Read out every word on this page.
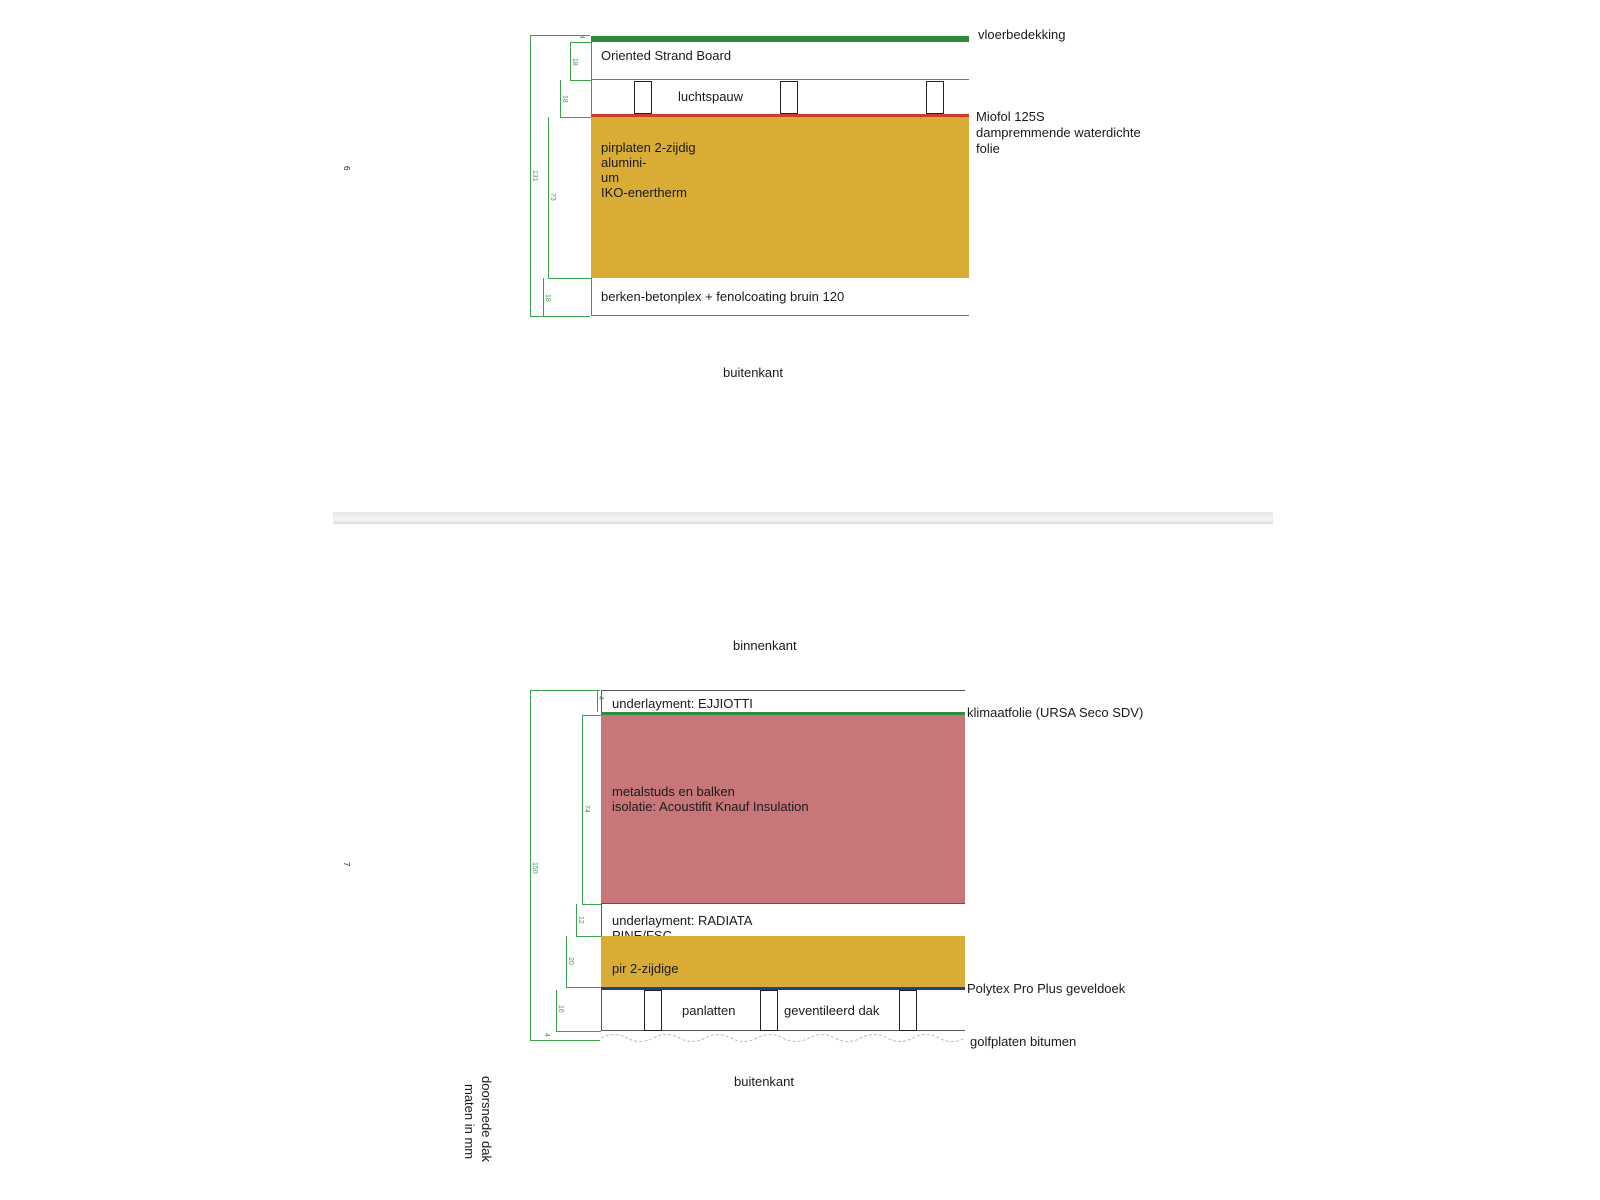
6
vloerbedekking
Oriented Strand Board
luchtspauw
Miofol 125S
dampremmende waterdichte
folie
pirplaten 2-zijdig
alumini-
um
IKO-enertherm
berken-betonplex + fenolcoating bruin 120
131
18
18
73
18
4
buitenkant
7
binnenkant
underlayment: EJJIOTTI
klimaatfolie (URSA Seco SDV)
metalstuds en balken
isolatie: Acoustifit Knauf Insulation
underlayment: RADIATA

pir 2-zijdige
Polytex Pro Plus geveldoek
panlatten	geventileerd dak
golfplaten bitumen
150
4
74
12
20
16
4
buitenkant
doorsnede dak
maten in mm
